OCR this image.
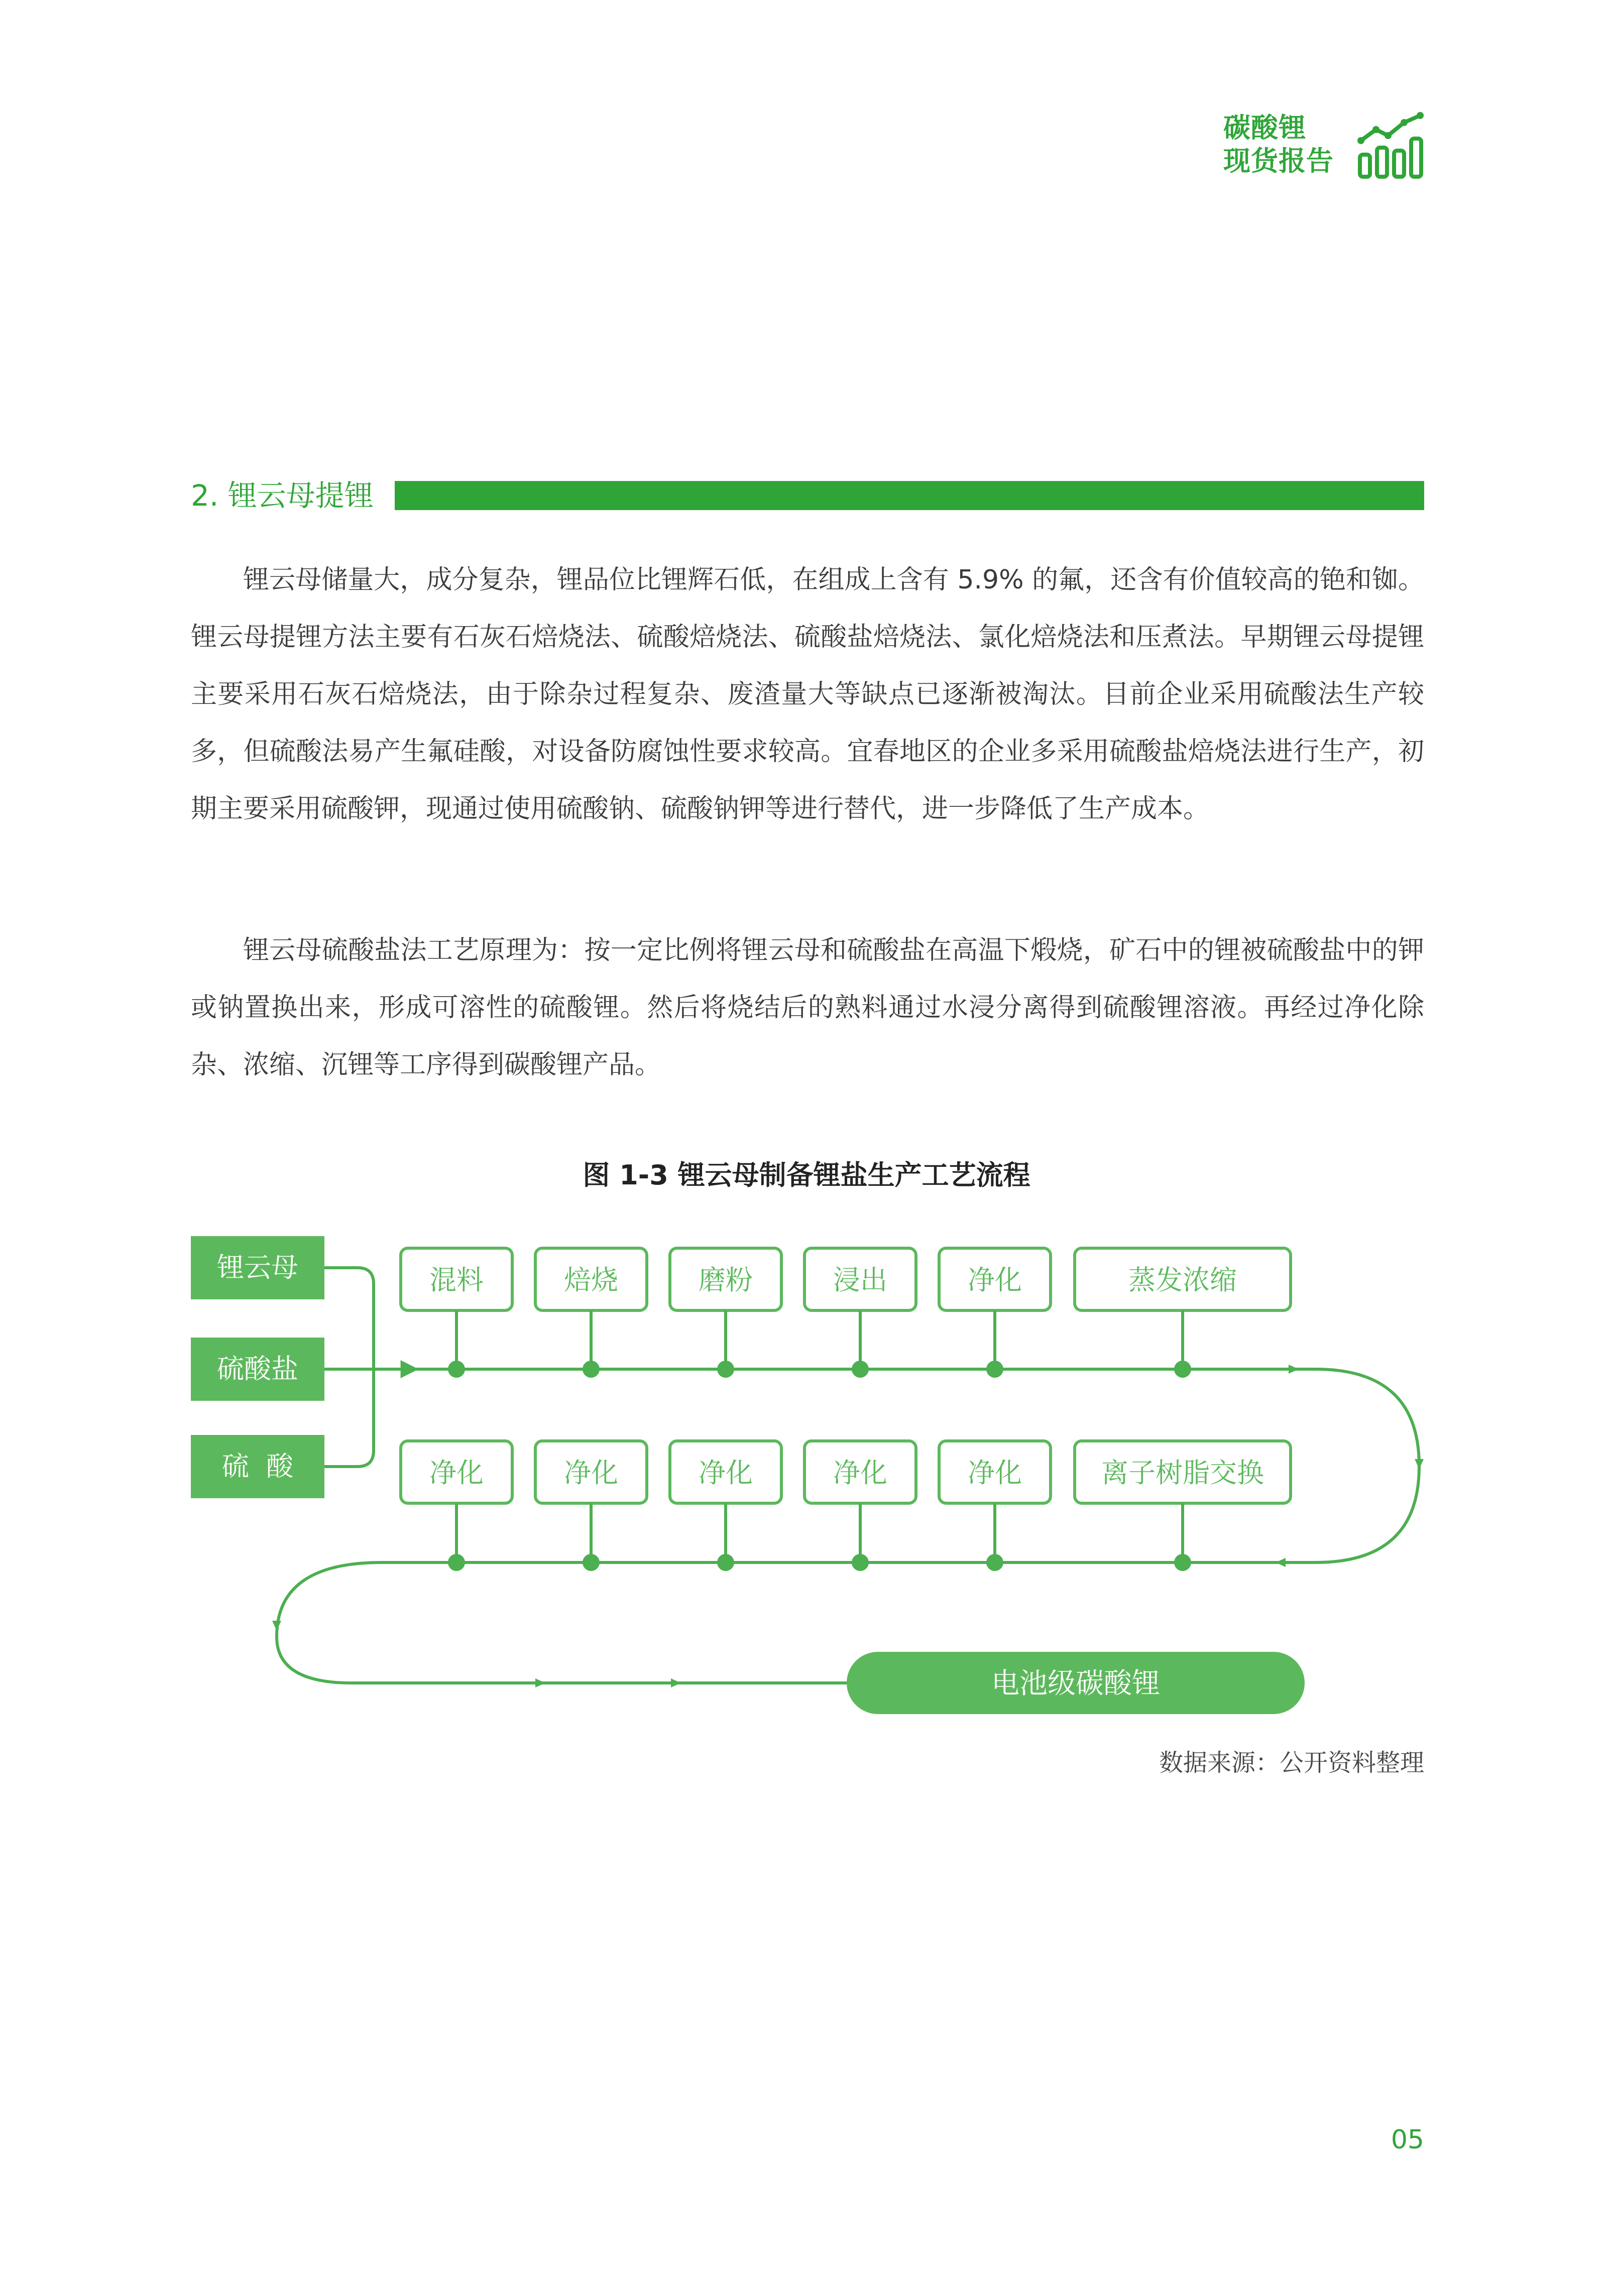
碳酸锂
现货报告
2. 锂云母提锂

锂云母储量大，成分复杂，锂品位比锂辉石低，在组成上含有 5.9% 的氟，还含有价值较高的铯和铷。锂云母提锂方法主要有石灰石焙烧法、硫酸焙烧法、硫酸盐焙烧法、氯化焙烧法和压煮法。早期锂云母提锂主要采用石灰石焙烧法，由于除杂过程复杂、废渣量大等缺点已逐渐被淘汰。目前企业采用硫酸法生产较多，但硫酸法易产生氟硅酸，对设备防腐蚀性要求较高。宜春地区的企业多采用硫酸盐焙烧法进行生产，初期主要采用硫酸钾，现通过使用硫酸钠、硫酸钠钾等进行替代，进一步降低了生产成本。

锂云母硫酸盐法工艺原理为：按一定比例将锂云母和硫酸盐在高温下煅烧，矿石中的锂被硫酸盐中的钾或钠置换出来，形成可溶性的硫酸锂。然后将烧结后的熟料通过水浸分离得到硫酸锂溶液。再经过净化除杂、浓缩、沉锂等工序得到碳酸锂产品。

图 1-3 锂云母制备锂盐生产工艺流程
锂云母
硫酸盐
硫  酸
混料	焙烧	磨粉	浸出	净化	蒸发浓缩
净化	净化	净化	净化	净化	离子树脂交换
电池级碳酸锂
数据来源：公开资料整理
05
